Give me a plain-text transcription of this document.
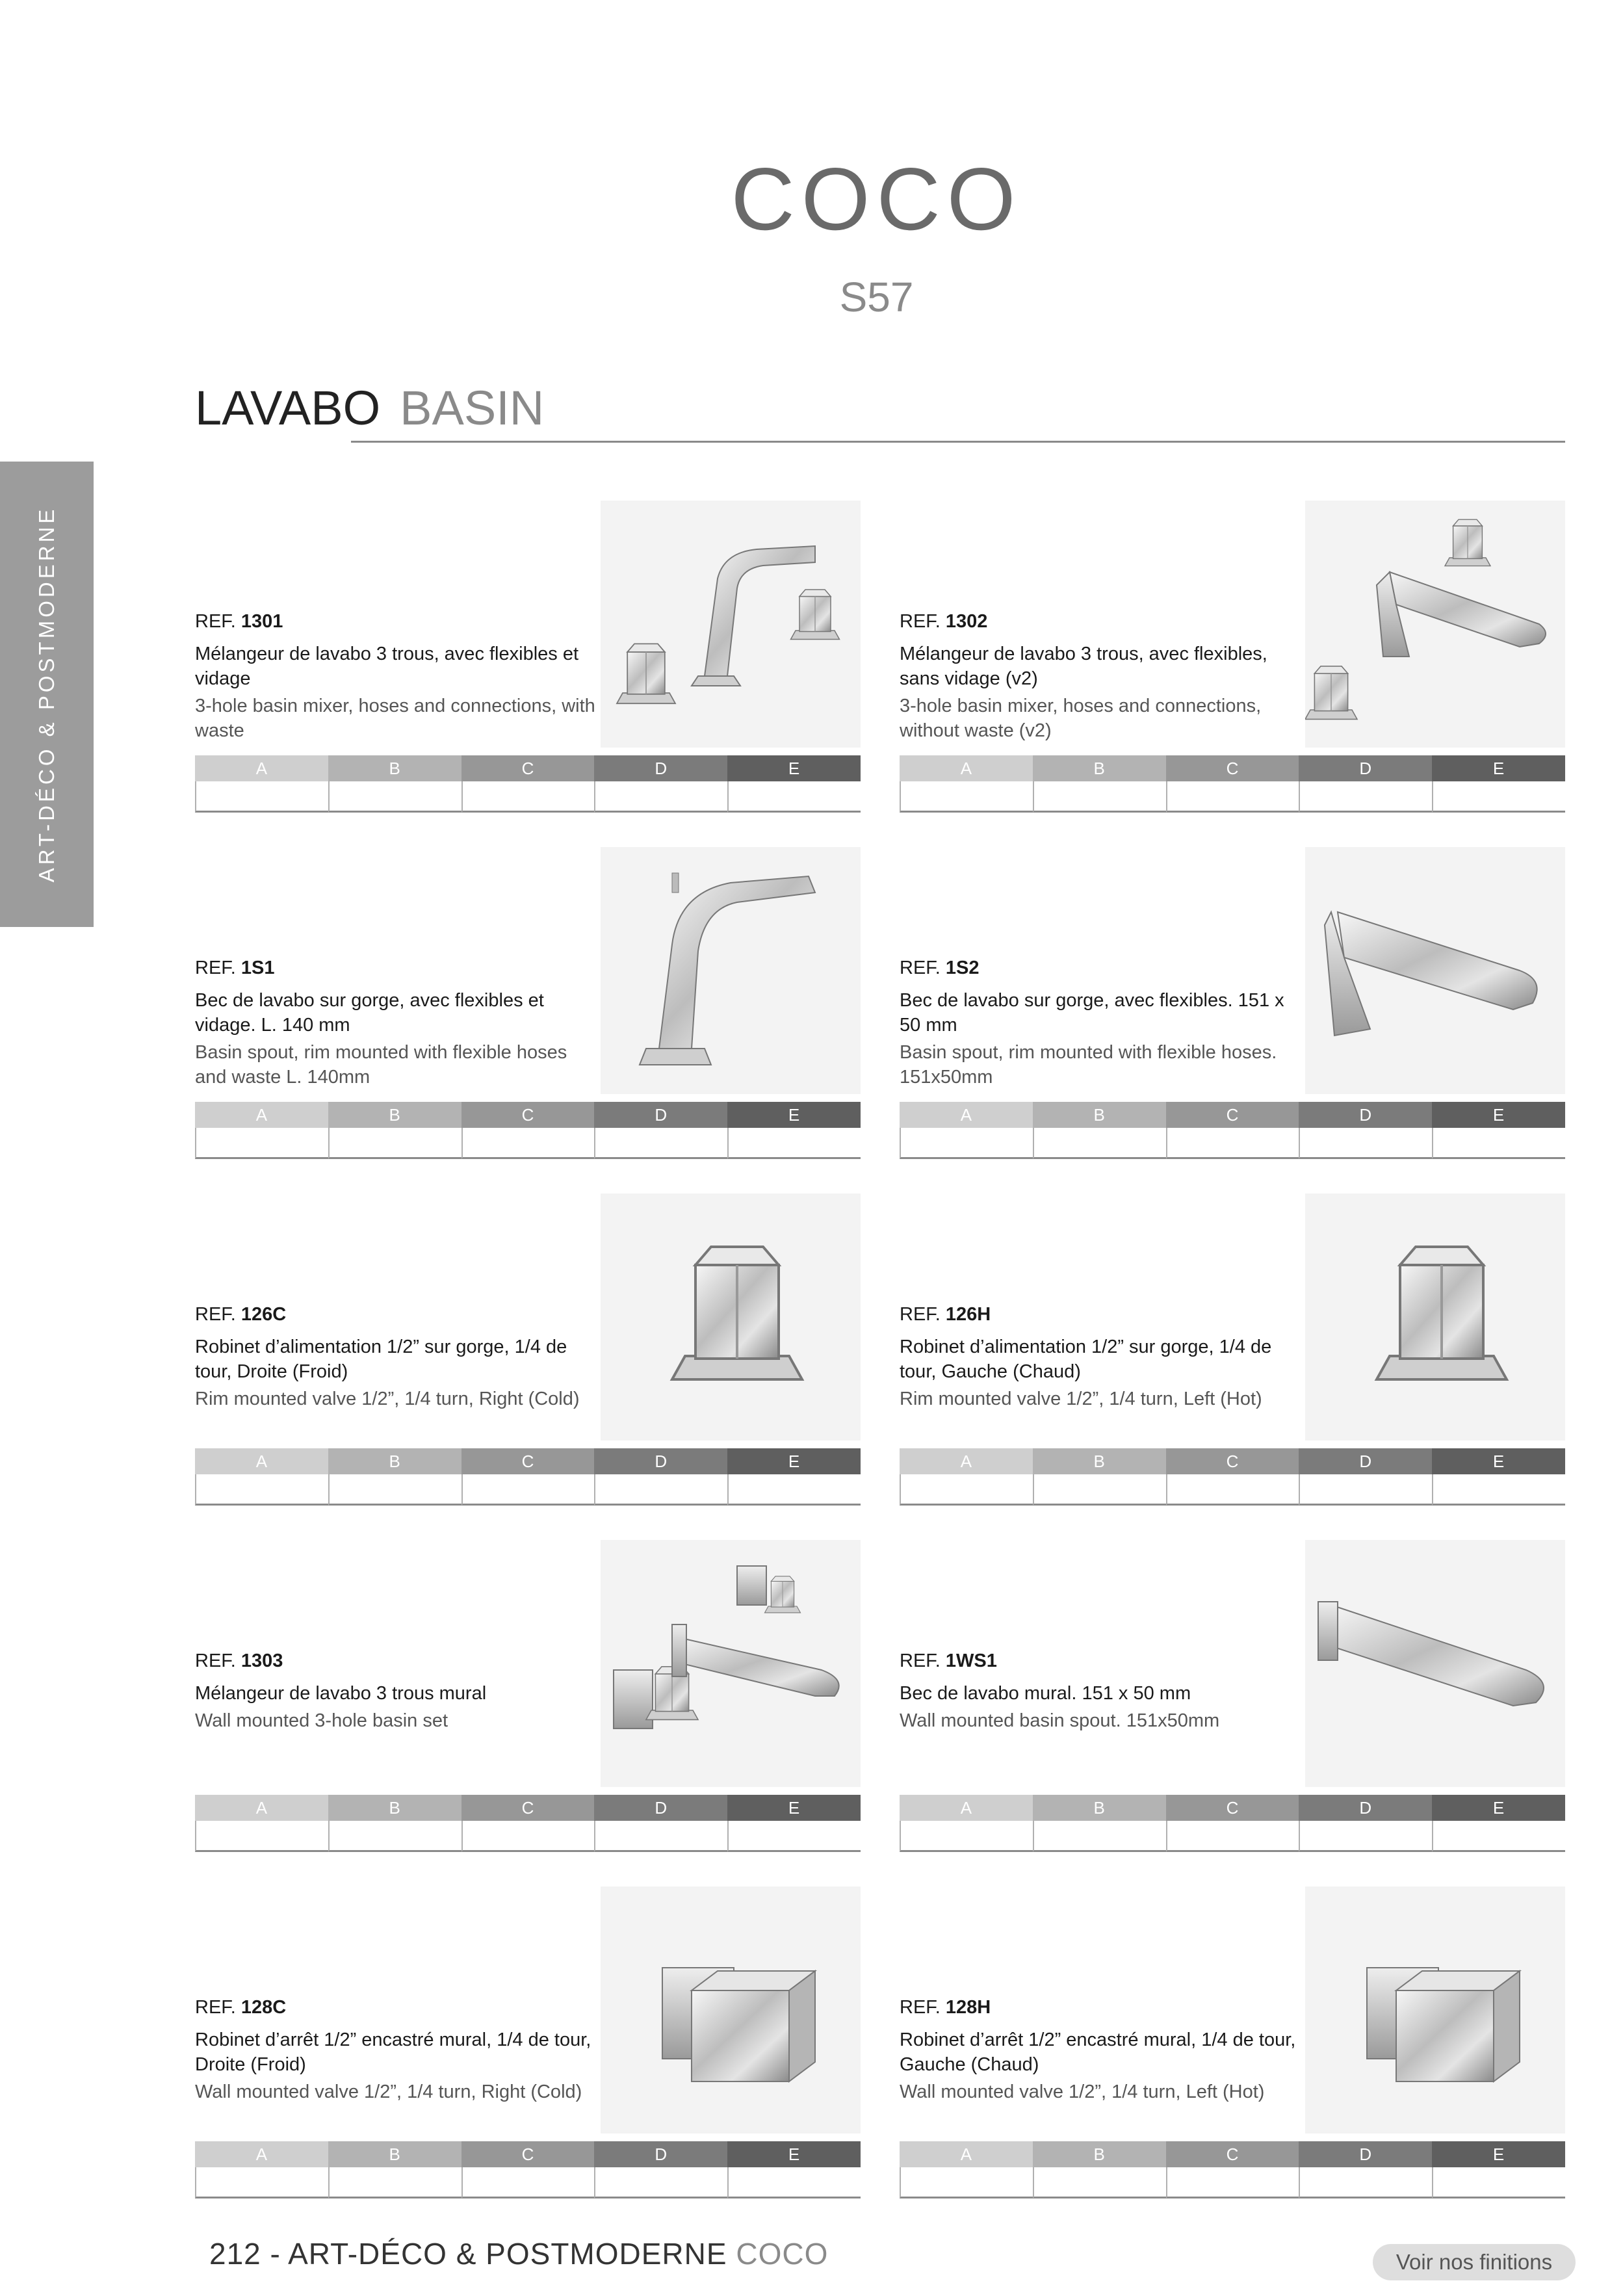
COCO
S57
LAVABO BASIN
ART-DÉCO & POSTMODERNE	REF. 1301
Mélangeur de lavabo 3 trous, avec flexibles et vidage
3-hole basin mixer, hoses and connections, with waste
A	B	C	D	E
REF. 1302
Mélangeur de lavabo 3 trous, avec flexibles, sans vidage (v2)
3-hole basin mixer, hoses and connections, without waste (v2)
A	B	C	D	E
REF. 1S1
Bec de lavabo sur gorge, avec flexibles et vidage. L. 140 mm
Basin spout, rim mounted with flexible hoses and waste L. 140mm
A	B	C	D	E
REF. 1S2
Bec de lavabo sur gorge, avec flexibles. 151 x 50 mm
Basin spout, rim mounted with flexible hoses. 151x50mm
A	B	C	D	E
REF. 126C
Robinet d’alimentation 1/2” sur gorge, 1/4 de tour, Droite (Froid)
Rim mounted valve 1/2”, 1/4 turn, Right (Cold)
A	B	C	D	E
REF. 126H
Robinet d’alimentation 1/2” sur gorge, 1/4 de tour, Gauche (Chaud)
Rim mounted valve 1/2”, 1/4 turn, Left (Hot)
A	B	C	D	E
REF. 1303
Mélangeur de lavabo 3 trous mural
Wall mounted 3-hole basin set
A	B	C	D	E
REF. 1WS1
Bec de lavabo mural. 151 x 50 mm
Wall mounted basin spout. 151x50mm
A	B	C	D	E
REF. 128C
Robinet d’arrêt 1/2” encastré mural, 1/4 de tour, Droite (Froid)
Wall mounted valve 1/2”, 1/4 turn, Right (Cold)
A	B	C	D	E
REF. 128H
Robinet d’arrêt 1/2” encastré mural, 1/4 de tour, Gauche (Chaud)
Wall mounted valve 1/2”, 1/4 turn, Left (Hot)
A	B	C	D	E
212 - ART-DÉCO & POSTMODERNE COCO	Voir nos finitions
